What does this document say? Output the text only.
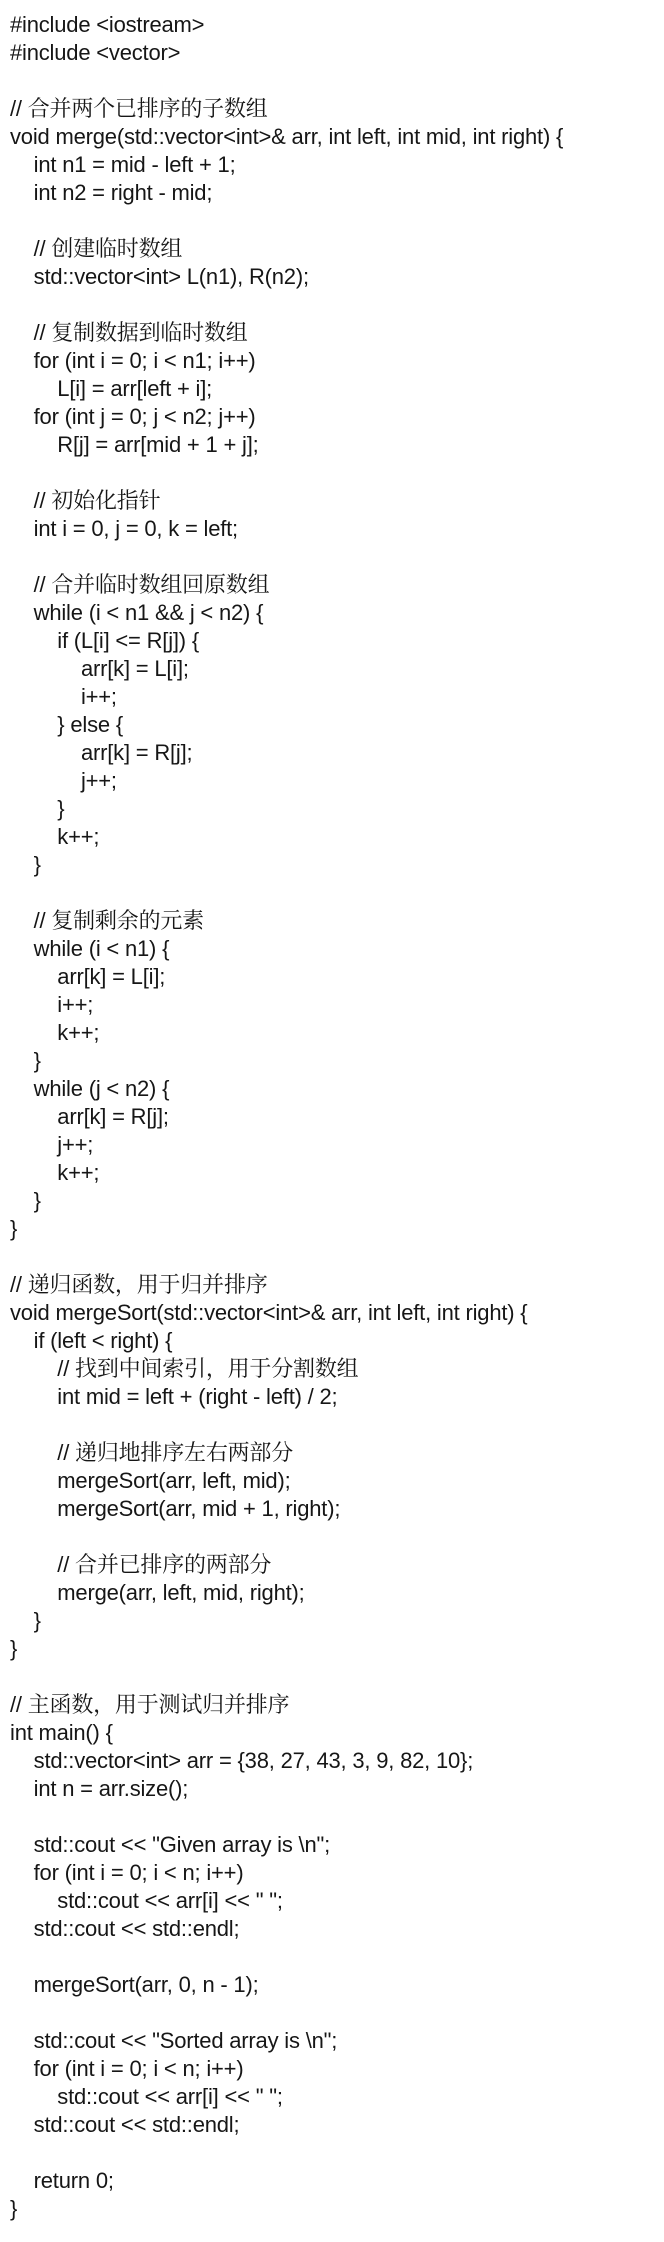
#include <iostream>
#include <vector>
// 合并两个已排序的子数组
void merge(std::vector<int>& arr, int left, int mid, int right) {
int n1 = mid - left + 1;
int n2 = right - mid;
// 创建临时数组
std::vector<int> L(n1), R(n2);
// 复制数据到临时数组
for (int i = 0; i < n1; i++)
L[i] = arr[left + i];
for (int j = 0; j < n2; j++)
R[j] = arr[mid + 1 + j];
// 初始化指针
int i = 0, j = 0, k = left;
// 合并临时数组回原数组
while (i < n1 && j < n2) {
if (L[i] <= R[j]) {
arr[k] = L[i];
i++;
} else {
arr[k] = R[j];
j++;
}
k++;
}
// 复制剩余的元素
while (i < n1) {
arr[k] = L[i];
i++;
k++;
}
while (j < n2) {
arr[k] = R[j];
j++;
k++;
}
}
// 递归函数，用于归并排序
void mergeSort(std::vector<int>& arr, int left, int right) {
if (left < right) {
// 找到中间索引，用于分割数组
int mid = left + (right - left) / 2;
// 递归地排序左右两部分
mergeSort(arr, left, mid);
mergeSort(arr, mid + 1, right);
// 合并已排序的两部分
merge(arr, left, mid, right);
}
}
// 主函数，用于测试归并排序
int main() {
std::vector<int> arr = {38, 27, 43, 3, 9, 82, 10};
int n = arr.size();
std::cout << "Given array is \n";
for (int i = 0; i < n; i++)
std::cout << arr[i] << " ";
std::cout << std::endl;
mergeSort(arr, 0, n - 1);
std::cout << "Sorted array is \n";
for (int i = 0; i < n; i++)
std::cout << arr[i] << " ";
std::cout << std::endl;
return 0;
}
